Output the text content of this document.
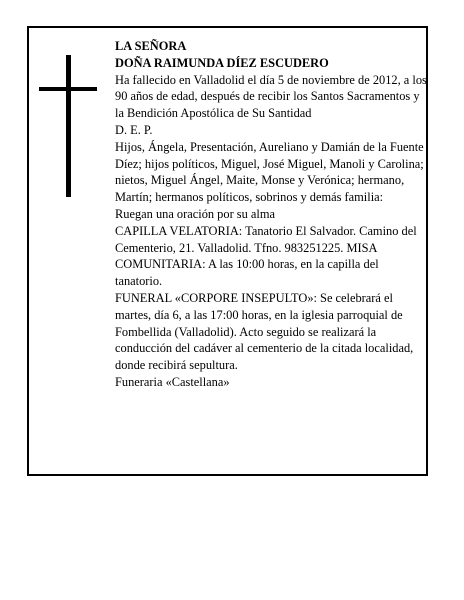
LA SEÑORA

DOÑA RAIMUNDA DÍEZ ESCUDERO

Ha fallecido en Valladolid el día 5 de noviembre de 2012, a los 90 años de edad, después de recibir los Santos Sacramentos y la Bendición Apostólica de Su Santidad

D. E. P.

Hijos, Ángela, Presentación, Aureliano y Damián de la Fuente Díez; hijos políticos, Miguel, José Miguel, Manoli y Carolina; nietos, Miguel Ángel, Maite, Monse y Verónica; hermano, Martín; hermanos políticos, sobrinos y demás familia:

Ruegan una oración por su alma

CAPILLA VELATORIA: Tanatorio El Salvador. Camino del Cementerio, 21. Valladolid. Tfno. 983251225. MISA COMUNITARIA: A las 10:00 horas, en la capilla del tanatorio.

FUNERAL «CORPORE INSEPULTO»: Se celebrará el martes, día 6, a las 17:00 horas, en la iglesia parroquial de Fombellida (Valladolid). Acto seguido se realizará la conducción del cadáver al cementerio de la citada localidad, donde recibirá sepultura.

Funeraria «Castellana»
